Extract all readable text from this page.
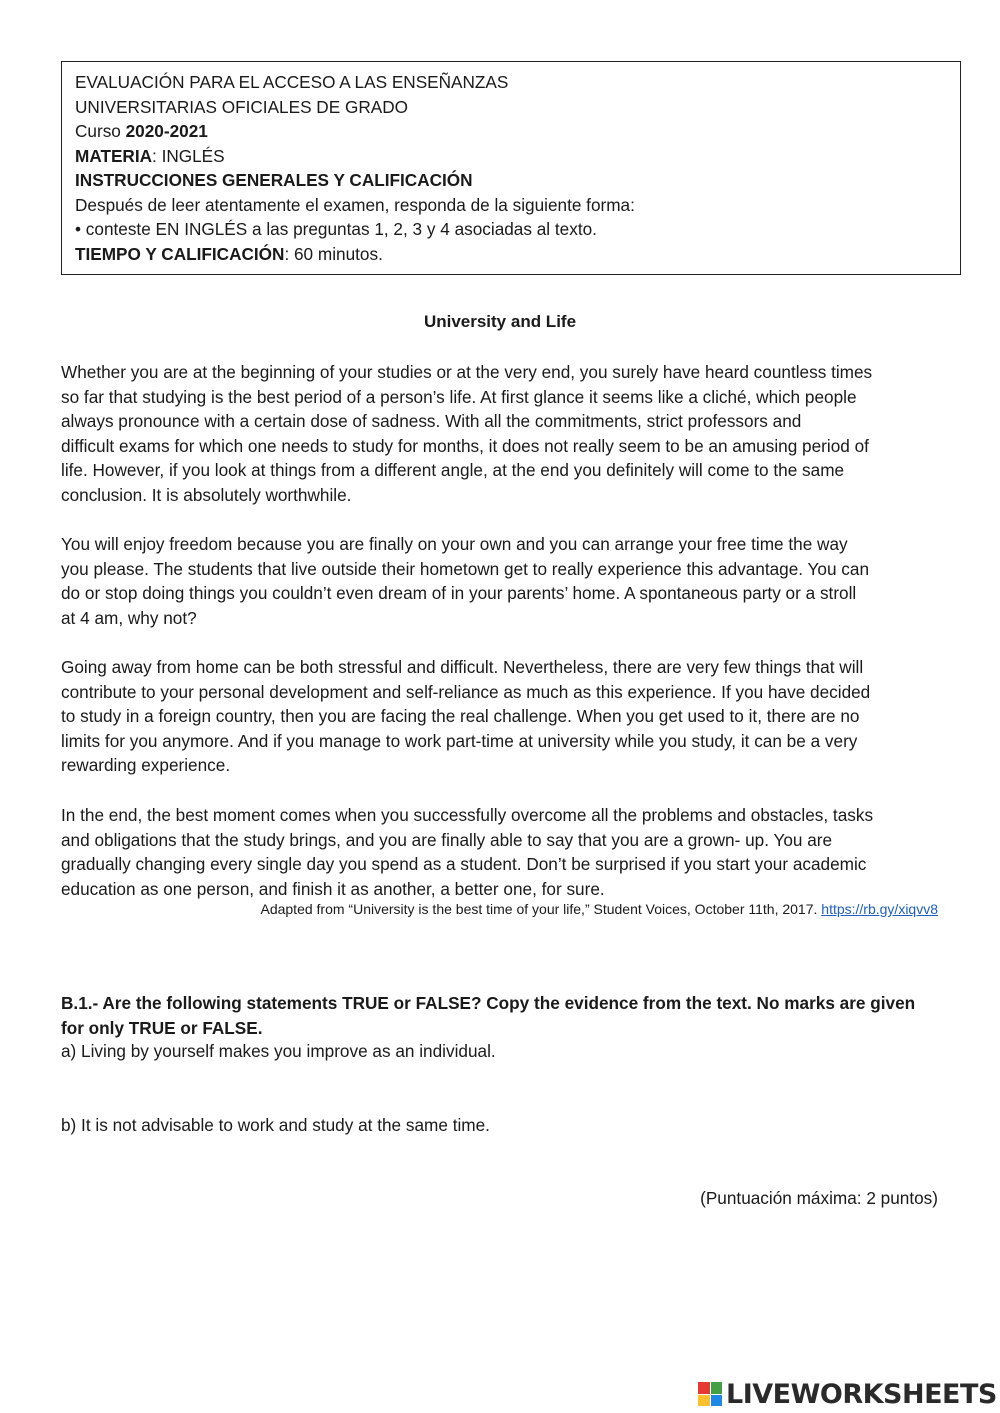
EVALUACIÓN PARA EL ACCESO A LAS ENSEÑANZAS
UNIVERSITARIAS OFICIALES DE GRADO
Curso 2020-2021
MATERIA: INGLÉS
INSTRUCCIONES GENERALES Y CALIFICACIÓN
Después de leer atentamente el examen, responda de la siguiente forma:
• conteste EN INGLÉS a las preguntas 1, 2, 3 y 4 asociadas al texto.
TIEMPO Y CALIFICACIÓN: 60 minutos.
University and Life
Whether you are at the beginning of your studies or at the very end, you surely have heard countless times
so far that studying is the best period of a person’s life. At first glance it seems like a cliché, which people
always pronounce with a certain dose of sadness. With all the commitments, strict professors and
difficult exams for which one needs to study for months, it does not really seem to be an amusing period of
life. However, if you look at things from a different angle, at the end you definitely will come to the same
conclusion. It is absolutely worthwhile.
You will enjoy freedom because you are finally on your own and you can arrange your free time the way
you please. The students that live outside their hometown get to really experience this advantage. You can
do or stop doing things you couldn’t even dream of in your parents’ home. A spontaneous party or a stroll
at 4 am, why not?
Going away from home can be both stressful and difficult. Nevertheless, there are very few things that will
contribute to your personal development and self-reliance as much as this experience. If you have decided
to study in a foreign country, then you are facing the real challenge. When you get used to it, there are no
limits for you anymore. And if you manage to work part-time at university while you study, it can be a very
rewarding experience.
In the end, the best moment comes when you successfully overcome all the problems and obstacles, tasks
and obligations that the study brings, and you are finally able to say that you are a grown- up. You are
gradually changing every single day you spend as a student. Don’t be surprised if you start your academic
education as one person, and finish it as another, a better one, for sure.
Adapted from “University is the best time of your life,” Student Voices, October 11th, 2017. https://rb.gy/xiqvv8
B.1.- Are the following statements TRUE or FALSE? Copy the evidence from the text. No marks are given
for only TRUE or FALSE.
a) Living by yourself makes you improve as an individual.
b) It is not advisable to work and study at the same time.
(Puntuación máxima: 2 puntos)
LIVEWORKSHEETS
